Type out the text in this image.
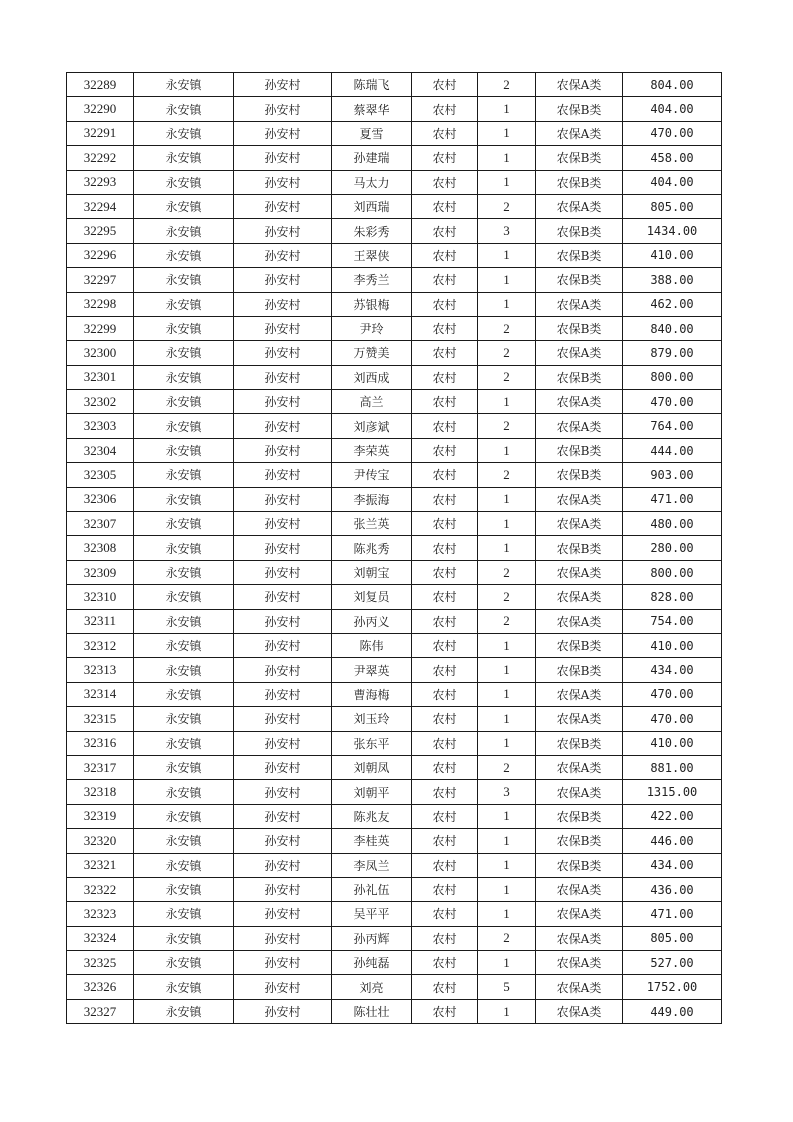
32289	永安镇	孙安村	陈瑞飞	农村	2	农保A类	804.00
32290	永安镇	孙安村	蔡翠华	农村	1	农保B类	404.00
32291	永安镇	孙安村	夏雪	农村	1	农保A类	470.00
32292	永安镇	孙安村	孙建瑞	农村	1	农保B类	458.00
32293	永安镇	孙安村	马太力	农村	1	农保B类	404.00
32294	永安镇	孙安村	刘西瑞	农村	2	农保A类	805.00
32295	永安镇	孙安村	朱彩秀	农村	3	农保B类	1434.00
32296	永安镇	孙安村	王翠侠	农村	1	农保B类	410.00
32297	永安镇	孙安村	李秀兰	农村	1	农保B类	388.00
32298	永安镇	孙安村	苏银梅	农村	1	农保A类	462.00
32299	永安镇	孙安村	尹玲	农村	2	农保B类	840.00
32300	永安镇	孙安村	万赞美	农村	2	农保A类	879.00
32301	永安镇	孙安村	刘西成	农村	2	农保B类	800.00
32302	永安镇	孙安村	高兰	农村	1	农保A类	470.00
32303	永安镇	孙安村	刘彦斌	农村	2	农保A类	764.00
32304	永安镇	孙安村	李荣英	农村	1	农保B类	444.00
32305	永安镇	孙安村	尹传宝	农村	2	农保B类	903.00
32306	永安镇	孙安村	李振海	农村	1	农保A类	471.00
32307	永安镇	孙安村	张兰英	农村	1	农保A类	480.00
32308	永安镇	孙安村	陈兆秀	农村	1	农保B类	280.00
32309	永安镇	孙安村	刘朝宝	农村	2	农保A类	800.00
32310	永安镇	孙安村	刘复员	农村	2	农保A类	828.00
32311	永安镇	孙安村	孙丙义	农村	2	农保A类	754.00
32312	永安镇	孙安村	陈伟	农村	1	农保B类	410.00
32313	永安镇	孙安村	尹翠英	农村	1	农保B类	434.00
32314	永安镇	孙安村	曹海梅	农村	1	农保A类	470.00
32315	永安镇	孙安村	刘玉玲	农村	1	农保A类	470.00
32316	永安镇	孙安村	张东平	农村	1	农保B类	410.00
32317	永安镇	孙安村	刘朝凤	农村	2	农保A类	881.00
32318	永安镇	孙安村	刘朝平	农村	3	农保A类	1315.00
32319	永安镇	孙安村	陈兆友	农村	1	农保B类	422.00
32320	永安镇	孙安村	李桂英	农村	1	农保B类	446.00
32321	永安镇	孙安村	李凤兰	农村	1	农保B类	434.00
32322	永安镇	孙安村	孙礼伍	农村	1	农保A类	436.00
32323	永安镇	孙安村	吴平平	农村	1	农保A类	471.00
32324	永安镇	孙安村	孙丙辉	农村	2	农保A类	805.00
32325	永安镇	孙安村	孙纯磊	农村	1	农保A类	527.00
32326	永安镇	孙安村	刘亮	农村	5	农保A类	1752.00
32327	永安镇	孙安村	陈壮壮	农村	1	农保A类	449.00
